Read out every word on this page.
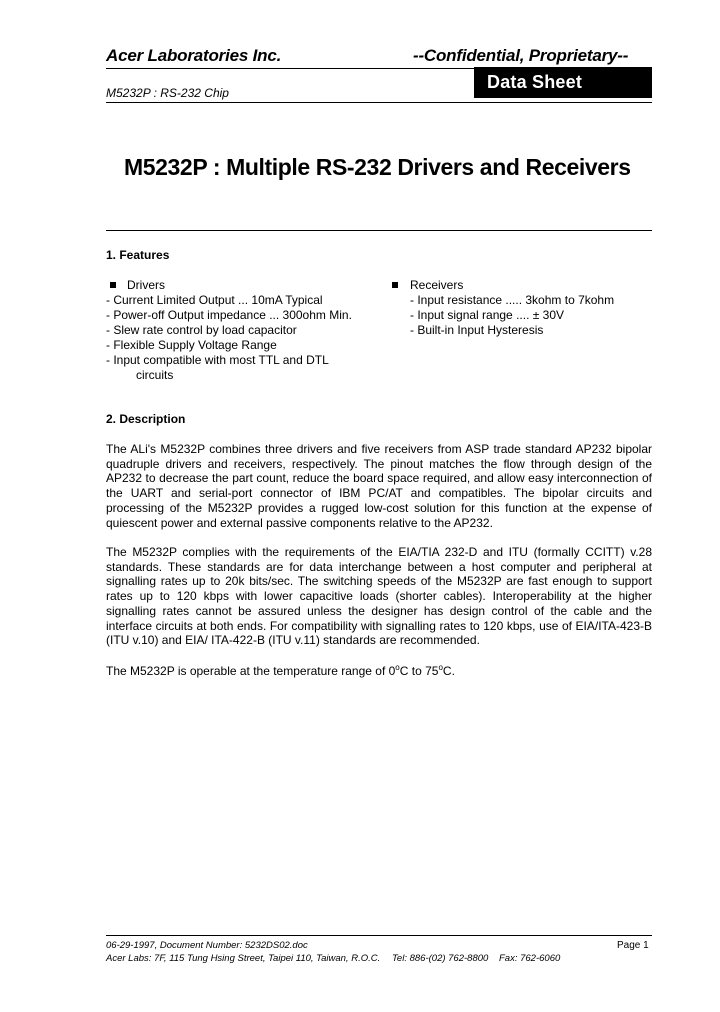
Acer Laboratories Inc.	--Confidential, Proprietary--
M5232P : RS-232 Chip
Data Sheet
M5232P : Multiple RS-232 Drivers and Receivers
1. Features
Drivers
- Current Limited Output ... 10mA Typical
- Power-off Output impedance ... 300ohm Min.
- Slew rate control by load capacitor
- Flexible Supply Voltage Range
- Input compatible with most TTL and DTL
circuits
Receivers
- Input resistance ..... 3kohm to 7kohm
- Input signal range .... ± 30V
- Built-in Input Hysteresis
2. Description
The ALi's M5232P combines three drivers and five receivers from ASP trade standard AP232 bipolar quadruple drivers and receivers, respectively. The pinout matches the flow through design of the AP232 to decrease the part count, reduce the board space required, and allow easy interconnection of the UART and serial-port connector of IBM PC/AT and compatibles. The bipolar circuits and processing of the M5232P provides a rugged low-cost solution for this function at the expense of quiescent power and external passive components relative to the AP232.
The M5232P complies with the requirements of the EIA/TIA 232-D and ITU (formally CCITT) v.28 standards. These standards are for data interchange between a host computer and peripheral at signalling rates up to 20k bits/sec. The switching speeds of the M5232P are fast enough to support rates up to 120 kbps with lower capacitive loads (shorter cables). Interoperability at the higher signalling rates cannot be assured unless the designer has design control of the cable and the interface circuits at both ends. For compatibility with signalling rates to 120 kbps, use of EIA/ITA-423-B (ITU v.10) and EIA/ ITA-422-B (ITU v.11) standards are recommended.
The M5232P is operable at the temperature range of 0$^o$C to 75$^o$C.
06-29-1997, Document Number: 5232DS02.doc	Page 1
Acer Labs: 7F, 115 Tung Hsing Street, Taipei 110, Taiwan, R.O.C. Tel: 886-(02) 762-8800 Fax: 762-6060
